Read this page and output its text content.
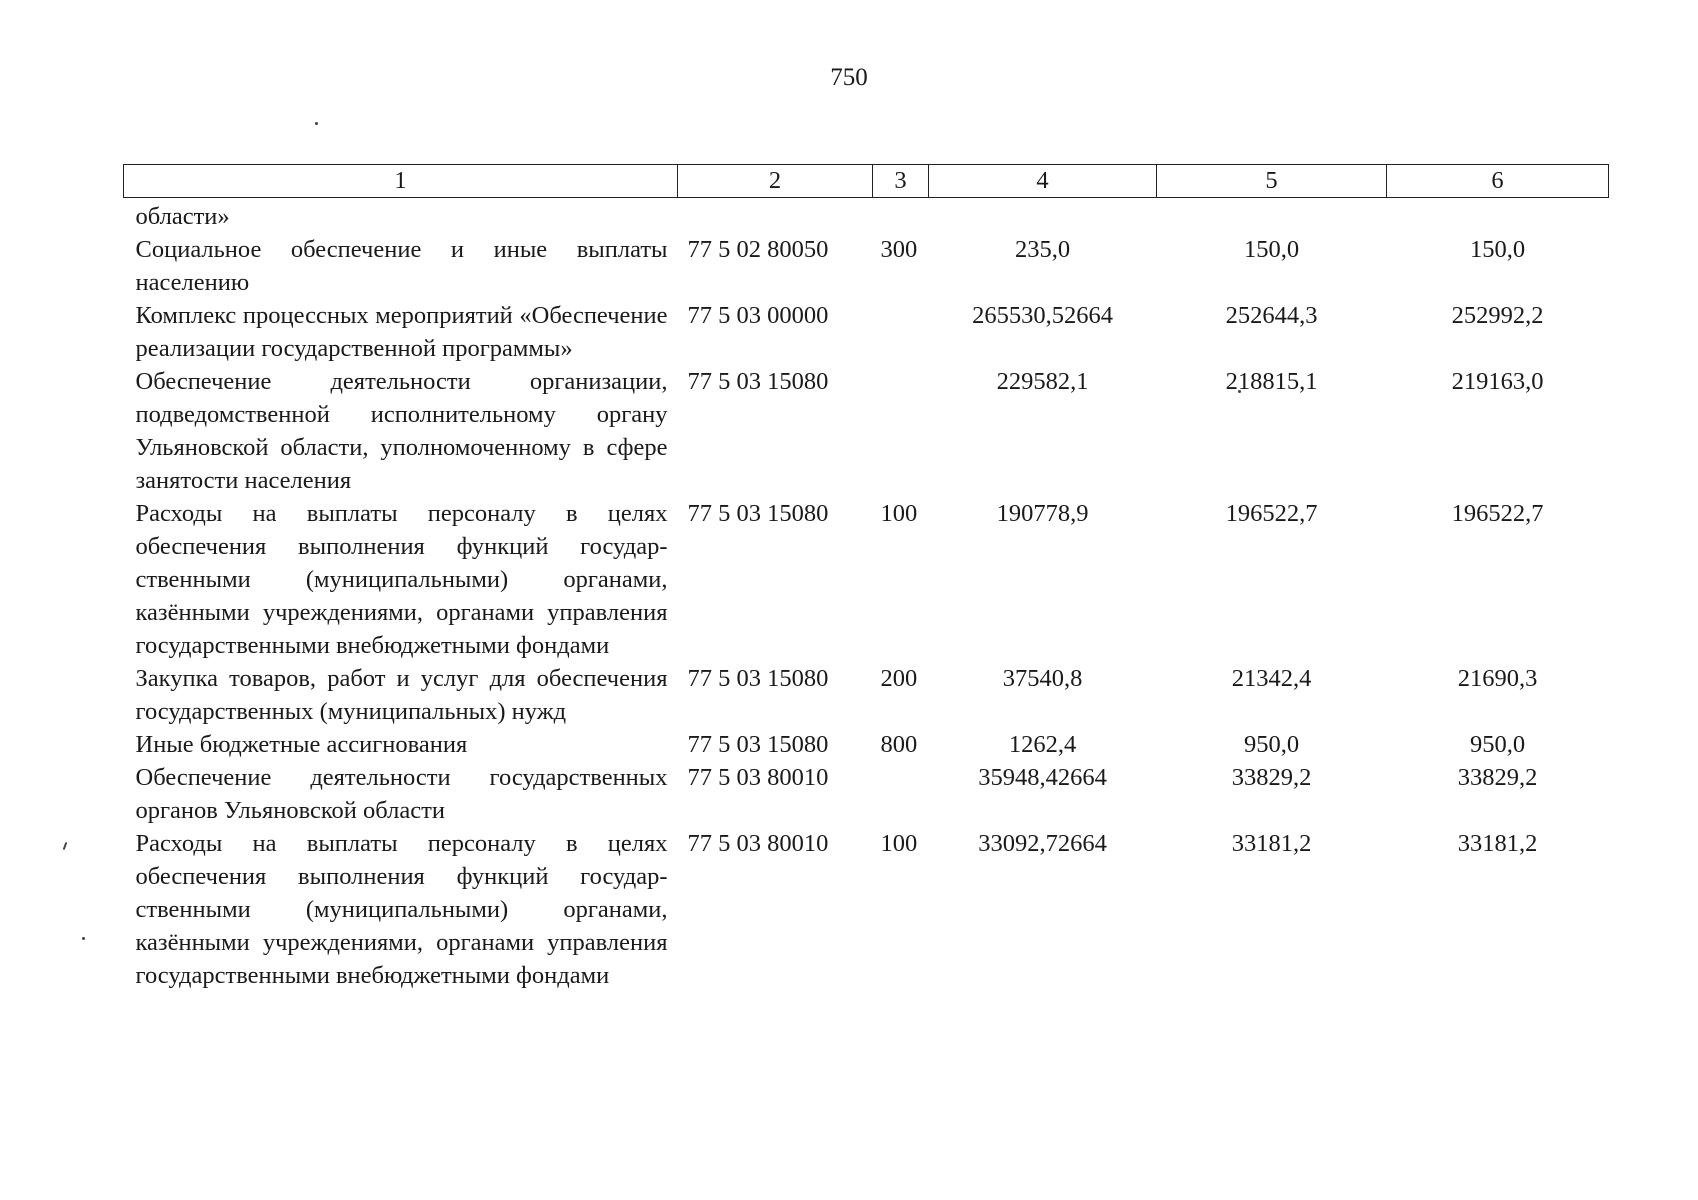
750
1	2	3	4	5	6
области»					
Социальное обеспечение и иные выплаты населению	77 5 02 80050	300	235,0	150,0	150,0
Комплекс процессных мероприятий «Обеспечение реализации государственной программы»	77 5 03 00000		265530,52664	252644,3	252992,2
Обеспечение деятельности организации, подведомственной исполнительному органу Ульяновской области, уполномоченному в сфере занятости населения	77 5 03 15080		229582,1	218815,1	219163,0
Расходы на выплаты персоналу в целях обеспечения выполнения функций государственными (муниципальными) органами, казёнными учреждениями, органами управления государственными внебюджетными фондами	77 5 03 15080	100	190778,9	196522,7	196522,7
Закупка товаров, работ и услуг для обеспечения государственных (муниципальных) нужд	77 5 03 15080	200	37540,8	21342,4	21690,3
Иные бюджетные ассигнования	77 5 03 15080	800	1262,4	950,0	950,0
Обеспечение деятельности государственных органов Ульяновской области	77 5 03 80010		35948,42664	33829,2	33829,2
Расходы на выплаты персоналу в целях обеспечения выполнения функций государственными (муниципальными) органами, казёнными учреждениями, органами управления государственными внебюджетными фондами	77 5 03 80010	100	33092,72664	33181,2	33181,2
